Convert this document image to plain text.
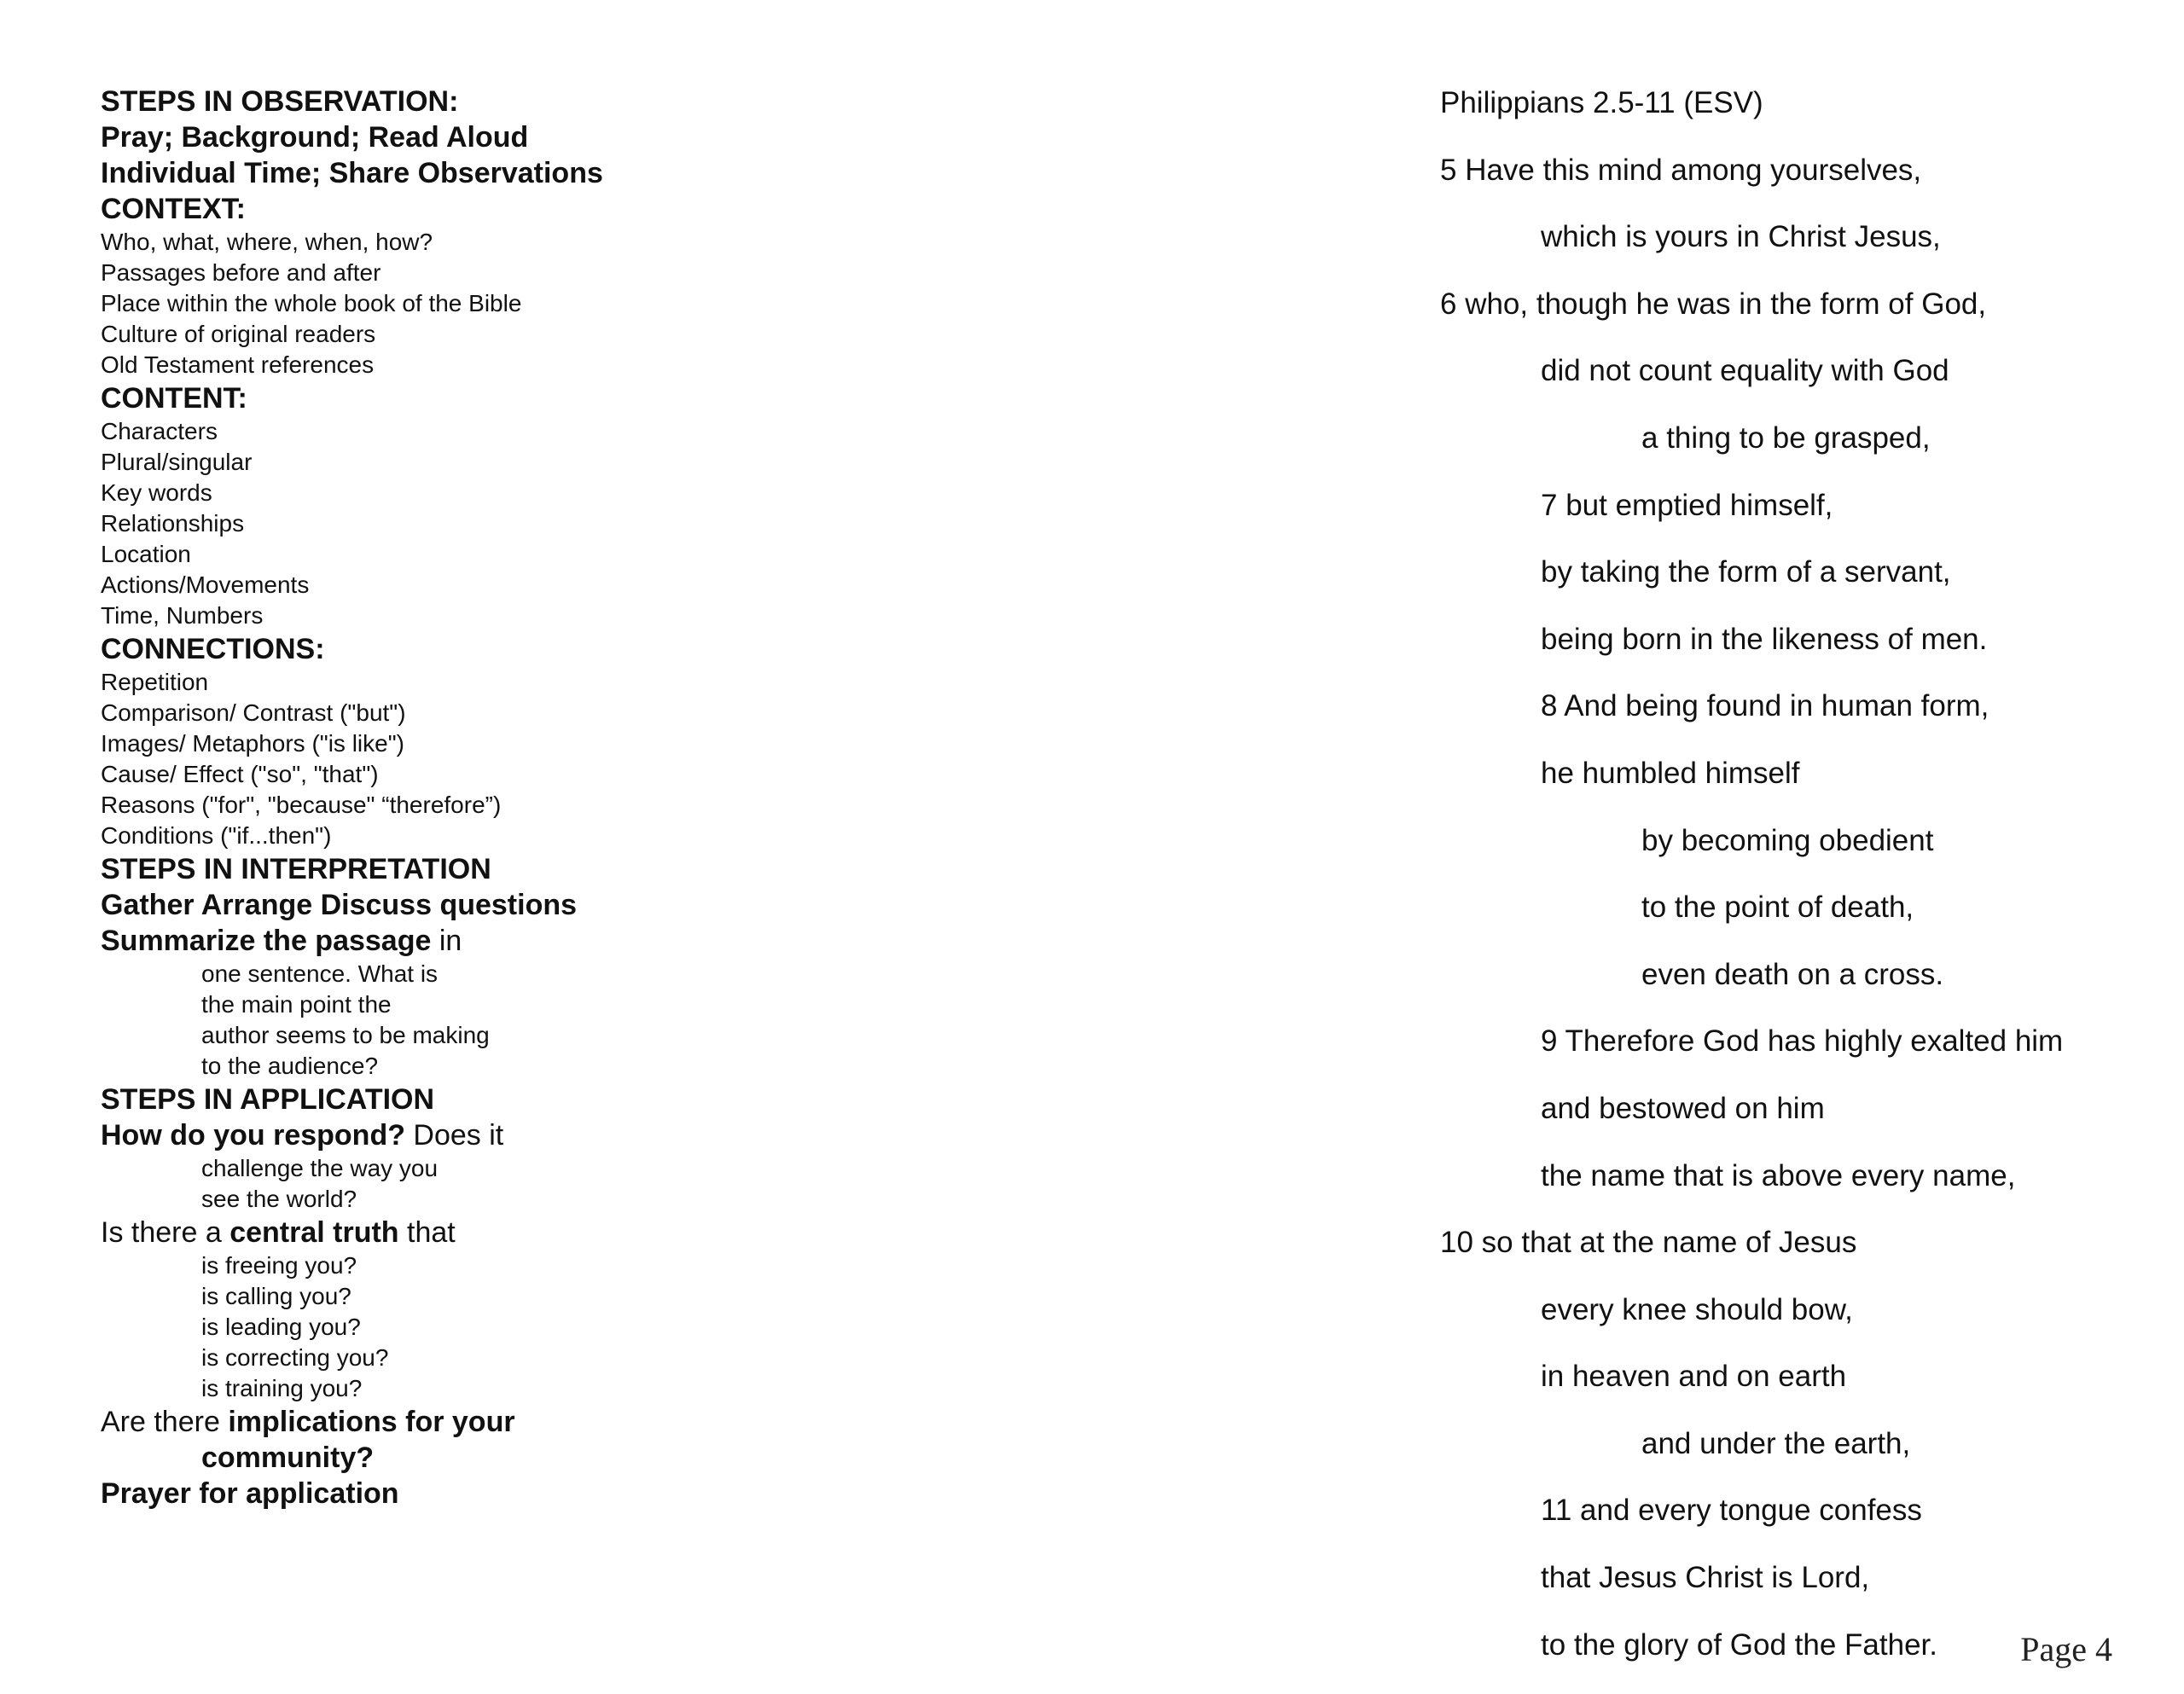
STEPS IN OBSERVATION:
Pray; Background; Read Aloud
Individual Time; Share Observations
CONTEXT:
Who, what, where, when, how?
Passages before and after
Place within the whole book of the Bible
Culture of original readers
Old Testament references
CONTENT:
Characters
Plural/singular
Key words
Relationships
Location
Actions/Movements
Time, Numbers
CONNECTIONS:
Repetition
Comparison/ Contrast ("but")
Images/ Metaphors ("is like")
Cause/ Effect ("so", "that")
Reasons ("for", "because" “therefore”)
Conditions ("if...then")
STEPS IN INTERPRETATION
Gather Arrange Discuss questions
Summarize the passage in
one sentence. What is
the main point the
author seems to be making
to the audience?
STEPS IN APPLICATION
How do you respond? Does it
challenge the way you
see the world?
Is there a central truth that
is freeing you?
is calling you?
is leading you?
is correcting you?
is training you?
Are there implications for your
community?
Prayer for application
Philippians 2.5-11 (ESV)
5 Have this mind among yourselves,
which is yours in Christ Jesus,
6 who, though he was in the form of God,
did not count equality with God
a thing to be grasped,
7 but emptied himself,
by taking the form of a servant,
being born in the likeness of men.
8 And being found in human form,
he humbled himself
by becoming obedient
to the point of death,
even death on a cross.
9 Therefore God has highly exalted him
and bestowed on him
the name that is above every name,
10 so that at the name of Jesus
every knee should bow,
in heaven and on earth
and under the earth,
11 and every tongue confess
that Jesus Christ is Lord,
to the glory of God the Father.	Page 4
